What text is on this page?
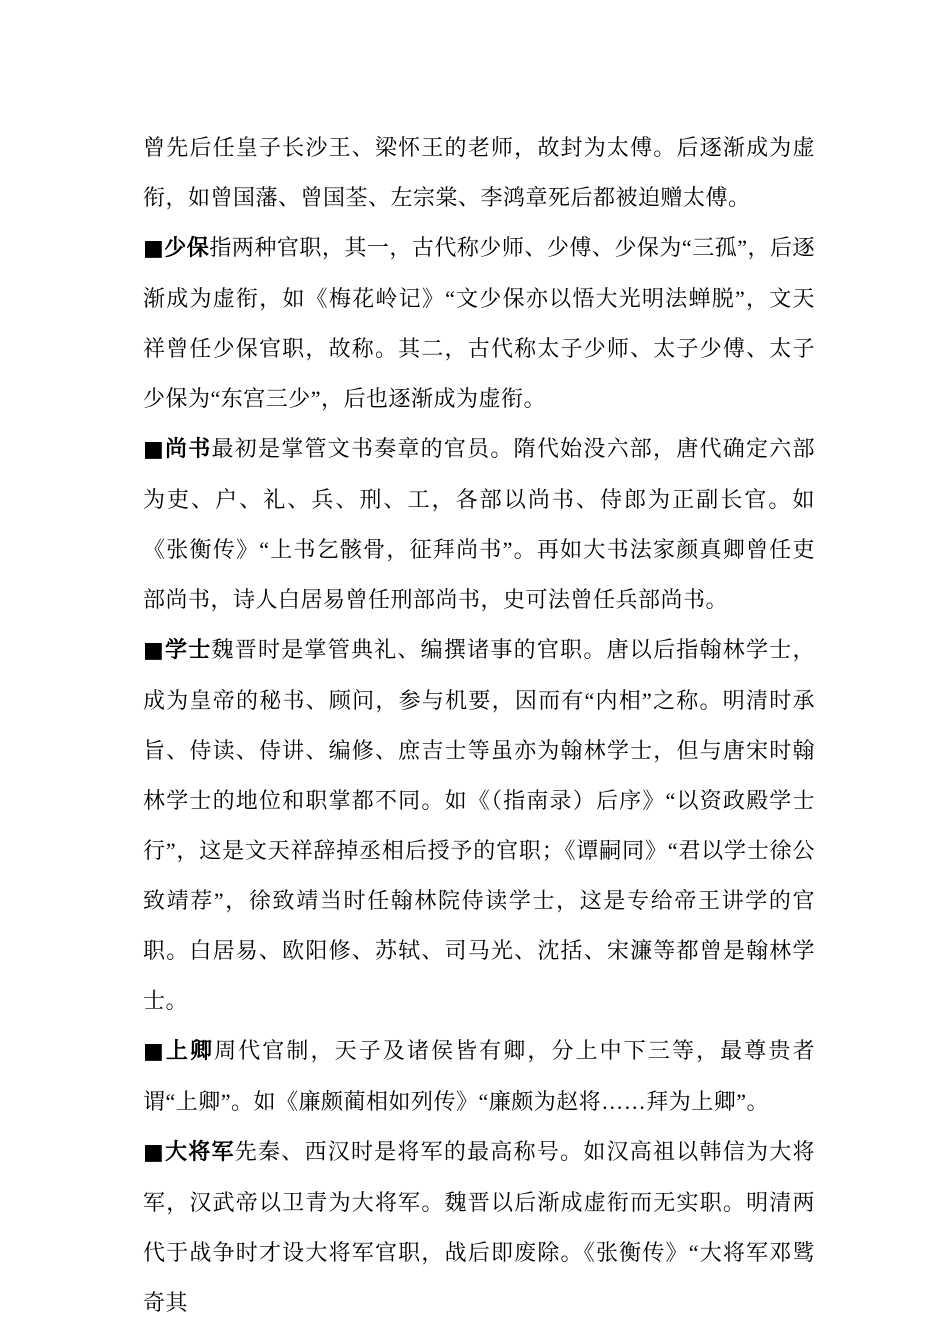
曾先后任皇子长沙王、梁怀王的老师，故封为太傅。后逐渐成为虚衔，如曾国藩、曾国荃、左宗棠、李鸿章死后都被迫赠太傅。

■少保指两种官职，其一，古代称少师、少傅、少保为“三孤”，后逐渐成为虚衔，如《梅花岭记》“文少保亦以悟大光明法蝉脱”，文天祥曾任少保官职，故称。其二，古代称太子少师、太子少傅、太子少保为“东宫三少”，后也逐渐成为虚衔。

■尚书最初是掌管文书奏章的官员。隋代始没六部，唐代确定六部为吏、户、礼、兵、刑、工，各部以尚书、侍郎为正副长官。如《张衡传》“上书乞骸骨，征拜尚书”。再如大书法家颜真卿曾任吏部尚书，诗人白居易曾任刑部尚书，史可法曾任兵部尚书。

■学士魏晋时是掌管典礼、编撰诸事的官职。唐以后指翰林学士，成为皇帝的秘书、顾问，参与机要，因而有“内相”之称。明清时承旨、侍读、侍讲、编修、庶吉士等虽亦为翰林学士，但与唐宋时翰林学士的地位和职掌都不同。如《（指南录）后序》“以资政殿学士行”，这是文天祥辞掉丞相后授予的官职；《谭嗣同》“君以学士徐公致靖荐”，徐致靖当时任翰林院侍读学士，这是专给帝王讲学的官职。白居易、欧阳修、苏轼、司马光、沈括、宋濂等都曾是翰林学士。

■上卿周代官制，天子及诸侯皆有卿，分上中下三等，最尊贵者谓“上卿”。如《廉颇蔺相如列传》“廉颇为赵将……拜为上卿”。

■大将军先秦、西汉时是将军的最高称号。如汉高祖以韩信为大将军，汉武帝以卫青为大将军。魏晋以后渐成虚衔而无实职。明清两代于战争时才设大将军官职，战后即废除。《张衡传》“大将军邓骘奇其
